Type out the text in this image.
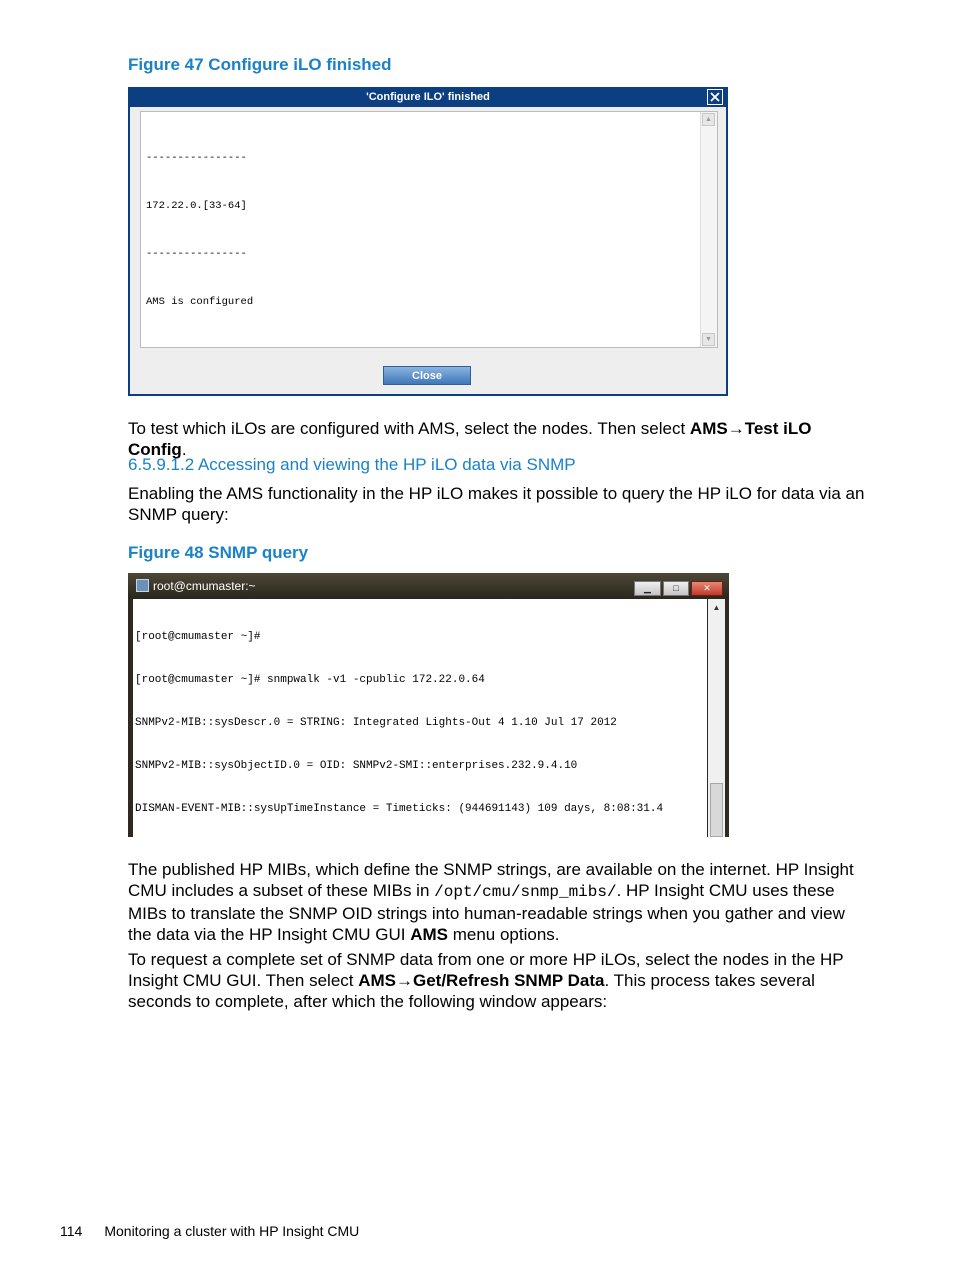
Figure 47 Configure iLO finished
'Configure ILO' finished

----------------

172.22.0.[33-64]

----------------

AMS is configured

▲
▼
Close
To test which iLOs are configured with AMS, select the nodes. Then select AMS→Test iLO Config.
6.5.9.1.2 Accessing and viewing the HP iLO data via SNMP
Enabling the AMS functionality in the HP iLO makes it possible to query the HP iLO for data via an SNMP query:
Figure 48 SNMP query
root@cmumaster:~	▁	□	✕

[root@cmumaster ~]#

[root@cmumaster ~]# snmpwalk -v1 -cpublic 172.22.0.64

SNMPv2-MIB::sysDescr.0 = STRING: Integrated Lights-Out 4 1.10 Jul 17 2012

SNMPv2-MIB::sysObjectID.0 = OID: SNMPv2-SMI::enterprises.232.9.4.10

DISMAN-EVENT-MIB::sysUpTimeInstance = Timeticks: (944691143) 109 days, 8:08:31.4

▲
The published HP MIBs, which define the SNMP strings, are available on the internet. HP Insight CMU includes a subset of these MIBs in /opt/cmu/snmp_mibs/. HP Insight CMU uses these MIBs to translate the SNMP OID strings into human-readable strings when you gather and view the data via the HP Insight CMU GUI AMS menu options.
To request a complete set of SNMP data from one or more HP iLOs, select the nodes in the HP Insight CMU GUI. Then select AMS→Get/Refresh SNMP Data. This process takes several seconds to complete, after which the following window appears:
114 Monitoring a cluster with HP Insight CMU
